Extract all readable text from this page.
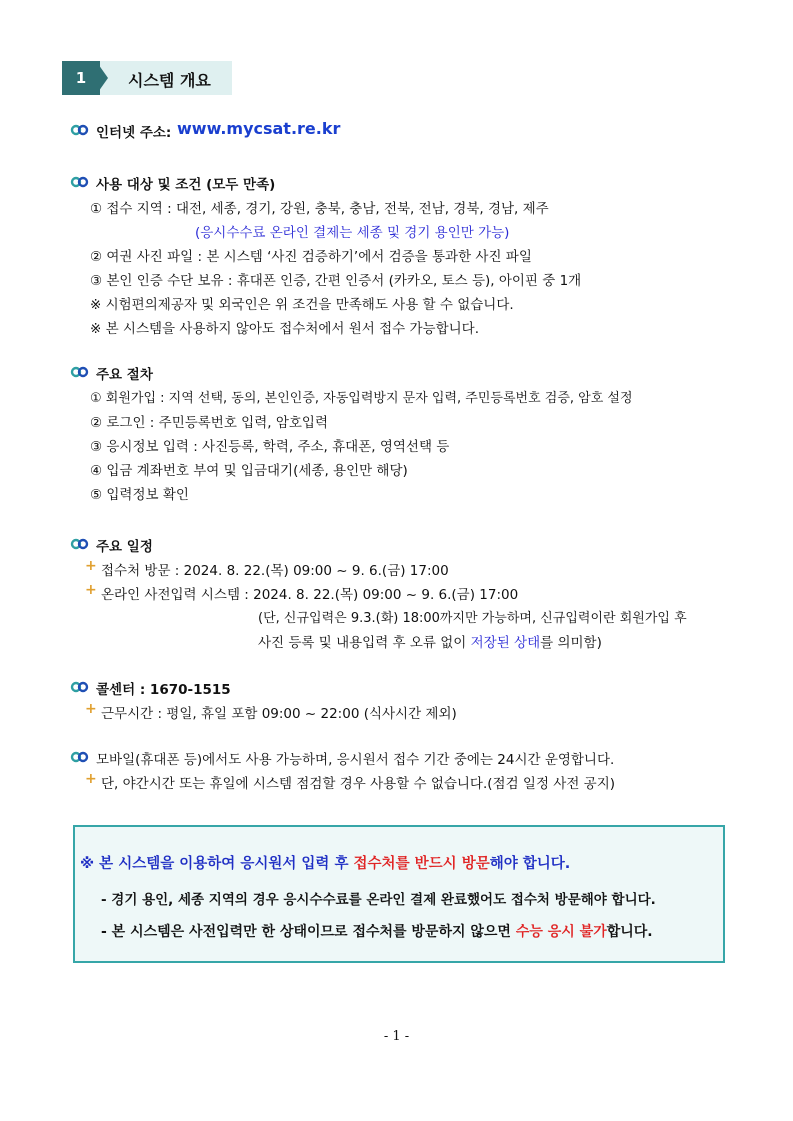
1	시스템 개요
인터넷 주소: www.mycsat.re.kr
사용 대상 및 조건 (모두 만족)
① 접수 지역 : 대전, 세종, 경기, 강원, 충북, 충남, 전북, 전남, 경북, 경남, 제주
(응시수수료 온라인 결제는 세종 및 경기 용인만 가능)
② 여권 사진 파일 : 본 시스템 ‘사진 검증하기’에서 검증을 통과한 사진 파일
③ 본인 인증 수단 보유 : 휴대폰 인증, 간편 인증서 (카카오, 토스 등), 아이핀 중 1개
※ 시험편의제공자 및 외국인은 위 조건을 만족해도 사용 할 수 없습니다.
※ 본 시스템을 사용하지 않아도 접수처에서 원서 접수 가능합니다.
주요 절차
① 회원가입 : 지역 선택, 동의, 본인인증, 자동입력방지 문자 입력, 주민등록번호 검증, 암호 설정
② 로그인 : 주민등록번호 입력, 암호입력
③ 응시정보 입력 : 사진등록, 학력, 주소, 휴대폰, 영역선택 등
④ 입금 계좌번호 부여 및 입금대기(세종, 용인만 해당)
⑤ 입력정보 확인
주요 일정
+ 접수처 방문 : 2024. 8. 22.(목) 09:00 ~ 9. 6.(금) 17:00
+ 온라인 사전입력 시스템 : 2024. 8. 22.(목) 09:00 ~ 9. 6.(금) 17:00
(단, 신규입력은 9.3.(화) 18:00까지만 가능하며, 신규입력이란 회원가입 후
사진 등록 및 내용입력 후 오류 없이 저장된 상태를 의미함)
콜센터 : 1670-1515
+ 근무시간 : 평일, 휴일 포함 09:00 ~ 22:00 (식사시간 제외)
모바일(휴대폰 등)에서도 사용 가능하며, 응시원서 접수 기간 중에는 24시간 운영합니다.
+ 단, 야간시간 또는 휴일에 시스템 점검할 경우 사용할 수 없습니다.(점검 일정 사전 공지)
※ 본 시스템을 이용하여 응시원서 입력 후 접수처를 반드시 방문해야 합니다.
- 경기 용인, 세종 지역의 경우 응시수수료를 온라인 결제 완료했어도 접수처 방문해야 합니다.
- 본 시스템은 사전입력만 한 상태이므로 접수처를 방문하지 않으면 수능 응시 불가합니다.
- 1 -
